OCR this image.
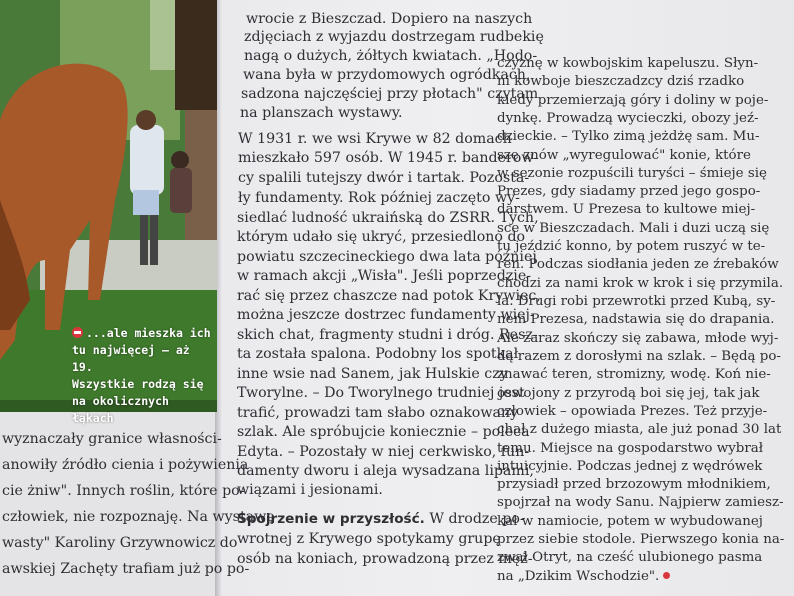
...ale mieszka ich
tu najwięcej – aż 19.
Wszystkie rodzą się
na okolicznych łąkach
wyznaczały granice własności-
anowiły źródło cienia i pożywienia
cie żniw". Innych roślin, które po-
człowiek, nie rozpoznaję. Na wystawę
wasty" Karoliny Grzywnowicz do
awskiej Zachęty trafiam już po po-
wrocie z Bieszczad. Dopiero na naszych
zdjęciach z wyjazdu dostrzegam rudbekię
nagą o dużych, żółtych kwiatach. „Hodo-
wana była w przydomowych ogródkach,
sadzona najczęściej przy płotach" czytam
na planszach wystawy.
W 1931 r. we wsi Krywe w 82 domach
mieszkało 597 osób. W 1945 r. banderow-
cy spalili tutejszy dwór i tartak. Pozosta-
ły fundamenty. Rok później zaczęto wy-
siedlać ludność ukraińską do ZSRR. Tych,
którym udało się ukryć, przesiedlono do
powiatu szczecineckiego dwa lata później
w ramach akcji „Wisła". Jeśli poprzedzie-
rać się przez chaszcze nad potok Krywiec,
można jeszcze dostrzec fundamenty wiej-
skich chat, fragmenty studni i dróg. Resz-
ta została spalona. Podobny los spotkał
inne wsie nad Sanem, jak Hulskie czy
Tworylne. – Do Tworylnego trudniej jest
trafić, prowadzi tam słabo oznakowany
szlak. Ale spróbujcie koniecznie – poleca
Edyta. – Pozostały w niej cerkwisko, fun-
damenty dworu i aleja wysadzana lipami,
wiązami i jesionami.
Spojrzenie w przyszłość. W drodze po-
wrotnej z Krywego spotykamy grupę
osób na koniach, prowadzoną przez męż-
czyznę w kowbojskim kapeluszu. Słyn-
ni kowboje bieszczadzcy dziś rzadko
kiedy przemierzają góry i doliny w poje-
dynkę. Prowadzą wycieczki, obozy jeź-
dzieckie. – Tylko zimą jeżdżę sam. Mu-
szę znów „wyregulować" konie, które
w sezonie rozpuścili turyści – śmieje się
Prezes, gdy siadamy przed jego gospo-
darstwem. U Prezesa to kultowe miej-
sce w Bieszczadach. Mali i duzi uczą się
tu jeździć konno, by potem ruszyć w te-
ren. Podczas siodłania jeden ze źrebaków
chodzi za nami krok w krok i się przymila.
la. Drugi robi przewrotki przed Kubą, sy-
nem Prezesa, nadstawia się do drapania.
Ale zaraz skończy się zabawa, młode wyj-
dą razem z dorosłymi na szlak. – Będą po-
znawać teren, stromizny, wodę. Koń nie-
oswojony z przyrodą boi się jej, tak jak
człowiek – opowiada Prezes. Też przyje-
chał z dużego miasta, ale już ponad 30 lat
temu. Miejsce na gospodarstwo wybrał
intuicyjnie. Podczas jednej z wędrówek
przysiadł przed brzozowym młodnikiem,
spojrzał na wody Sanu. Najpierw zamiesz-
kał w namiocie, potem w wybudowanej
przez siebie stodole. Pierwszego konia na-
zwał Otryt, na cześć ulubionego pasma
na „Dzikim Wschodzie".
